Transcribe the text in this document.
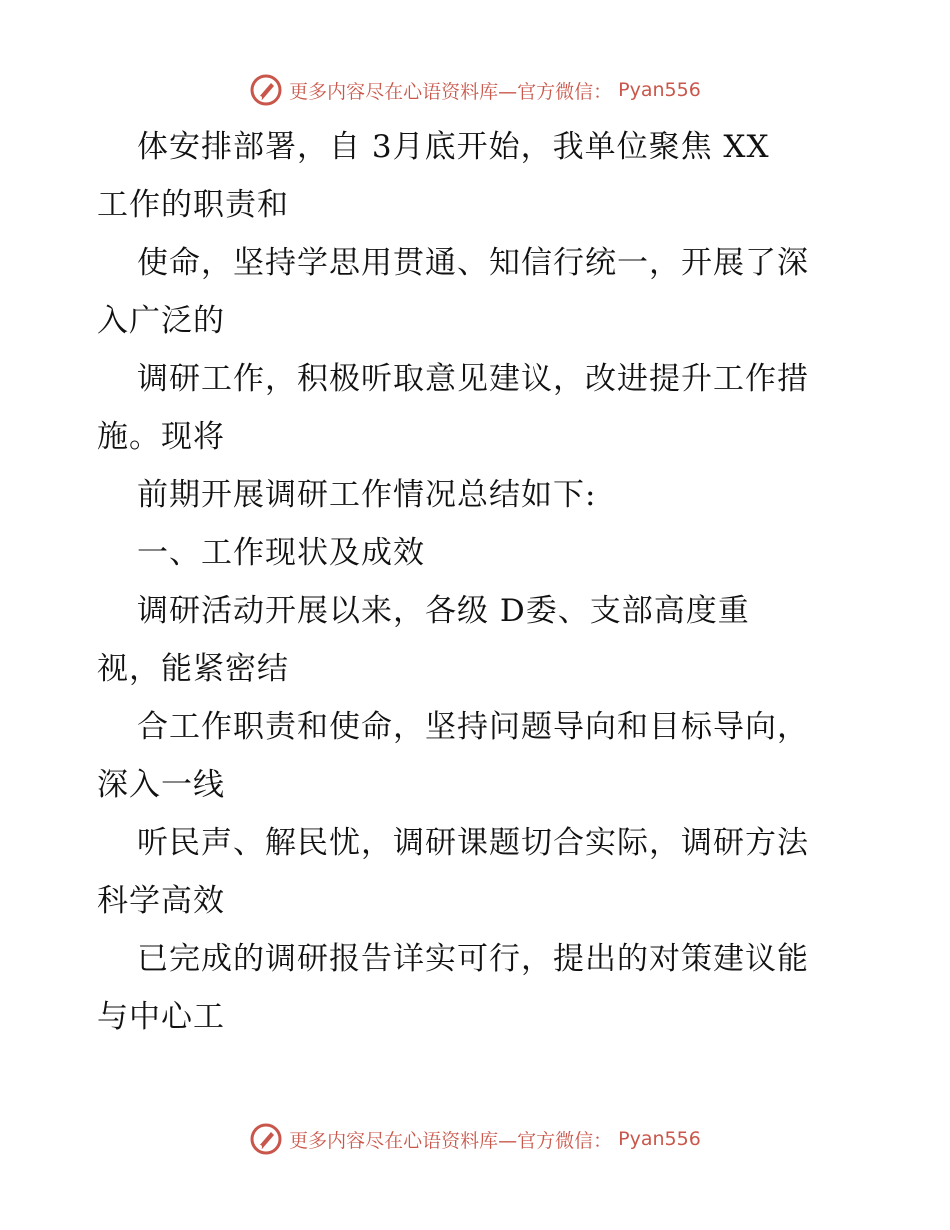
更多内容尽在心语资料库—官方微信： Pyan556
体安排部署，自 3月底开始，我单位聚焦 XX
工作的职责和
使命，坚持学思用贯通、知信行统一，开展了深
入广泛的
调研工作，积极听取意见建议，改进提升工作措
施。现将
前期开展调研工作情况总结如下:
一、工作现状及成效
调研活动开展以来，各级 D委、支部高度重
视，能紧密结
合工作职责和使命，坚持问题导向和目标导向，
深入一线
听民声、解民忧，调研课题切合实际，调研方法
科学高效
已完成的调研报告详实可行，提出的对策建议能
与中心工
更多内容尽在心语资料库—官方微信： Pyan556
